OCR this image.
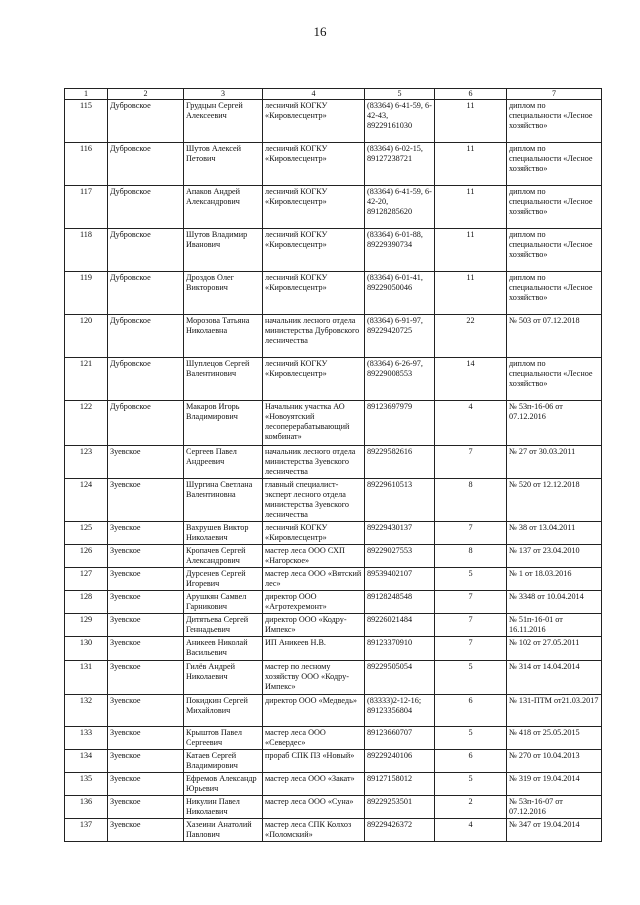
16
1	2	3	4	5	6	7
115	Дубровское	Грудцын Сергей Алексеевич	лесничий КОГКУ «Кировлесцентр»	(83364) 6-41-59, 6-42-43, 89229161030	11	диплом по специальности «Лесное хозяйство»
116	Дубровское	Шутов Алексей Петович	лесничий КОГКУ «Кировлесцентр»	(83364) 6-02-15, 89127238721	11	диплом по специальности «Лесное хозяйство»
117	Дубровское	Апаков Андрей Александрович	лесничий КОГКУ «Кировлесцентр»	(83364) 6-41-59, 6-42-20, 89128285620	11	диплом по специальности «Лесное хозяйство»
118	Дубровское	Шутов Владимир Иванович	лесничий КОГКУ «Кировлесцентр»	(83364) 6-01-88, 89229390734	11	диплом по специальности «Лесное хозяйство»
119	Дубровское	Дроздов Олег Викторович	лесничий КОГКУ «Кировлесцентр»	(83364) 6-01-41, 89229050046	11	диплом по специальности «Лесное хозяйство»
120	Дубровское	Морозова Татьяна Николаевна	начальник лесного отдела министерства Дубровского лесничества	(83364) 6-91-97, 89229420725	22	№ 503 от 07.12.2018
121	Дубровское	Шуплецов Сергей Валентинович	лесничий КОГКУ «Кировлесцентр»	(83364) 6-26-97, 89229008553	14	диплом по специальности «Лесное хозяйство»
122	Дубровское	Макаров Игорь Владимирович	Начальник участка АО «Новоуятский лесоперерабатывающий комбинат»	89123697979	4	№ 53п-16-06 от 07.12.2016
123	Зуевское	Сергеев Павел Андреевич	начальник лесного отдела министерства Зуевского лесничества	89229582616	7	№ 27 от 30.03.2011
124	Зуевское	Шургина Светлана Валентиновна	главный специалист-эксперт лесного отдела министерства Зуевского лесничества	89229610513	8	№ 520 от 12.12.2018
125	Зуевское	Вахрушев Виктор Николаевич	лесничий КОГКУ «Кировлесцентр»	89229430137	7	№ 38 от 13.04.2011
126	Зуевское	Кропачев Сергей Александрович	мастер леса ООО СХП «Нагорское»	89229027553	8	№ 137 от 23.04.2010
127	Зуевское	Дурсенев Сергей Игоревич	мастер леса ООО «Вятский лес»	89539402107	5	№ 1 от 18.03.2016
128	Зуевское	Арушкян Самвел Гарникович	директор ООО «Агротехремонт»	89128248548	7	№ 3348 от 10.04.2014
129	Зуевское	Дитятьева Сергей Геннадьевич	директор ООО «Кодру-Импекс»	89226021484	7	№ 51п-16-01 от 16.11.2016
130	Зуевское	Аникеев Николай Васильевич	ИП Аникеев Н.В.	89123370910	7	№ 102 от 27.05.2011
131	Зуевское	Гилёв Андрей Николаевич	мастер по лесному хозяйству ООО «Кодру-Импекс»	89229505054	5	№ 314 от 14.04.2014
132	Зуевское	Покидкин Сергей Михайлович	директор ООО «Медведь»	(83333)2-12-16; 89123356804	6	№ 131-ПТМ от21.03.2017
133	Зуевское	Крыштов Павел Сергеевич	мастер леса ООО «Севердес»	89123660707	5	№ 418 от 25.05.2015
134	Зуевское	Катаев Сергей Владимирович	прораб СПК ПЗ «Новый»	89229240106	6	№ 270 от 10.04.2013
135	Зуевское	Ефремов Александр Юрьевич	мастер леса ООО «Закат»	89127158012	5	№ 319 от 19.04.2014
136	Зуевское	Никулин Павел Николаевич	мастер леса ООО «Суна»	89229253501	2	№ 53п-16-07 от 07.12.2016
137	Зуевское	Хазеини Анатолий Павлович	мастер леса СПК Колхоз «Поломский»	89229426372	4	№ 347 от 19.04.2014
